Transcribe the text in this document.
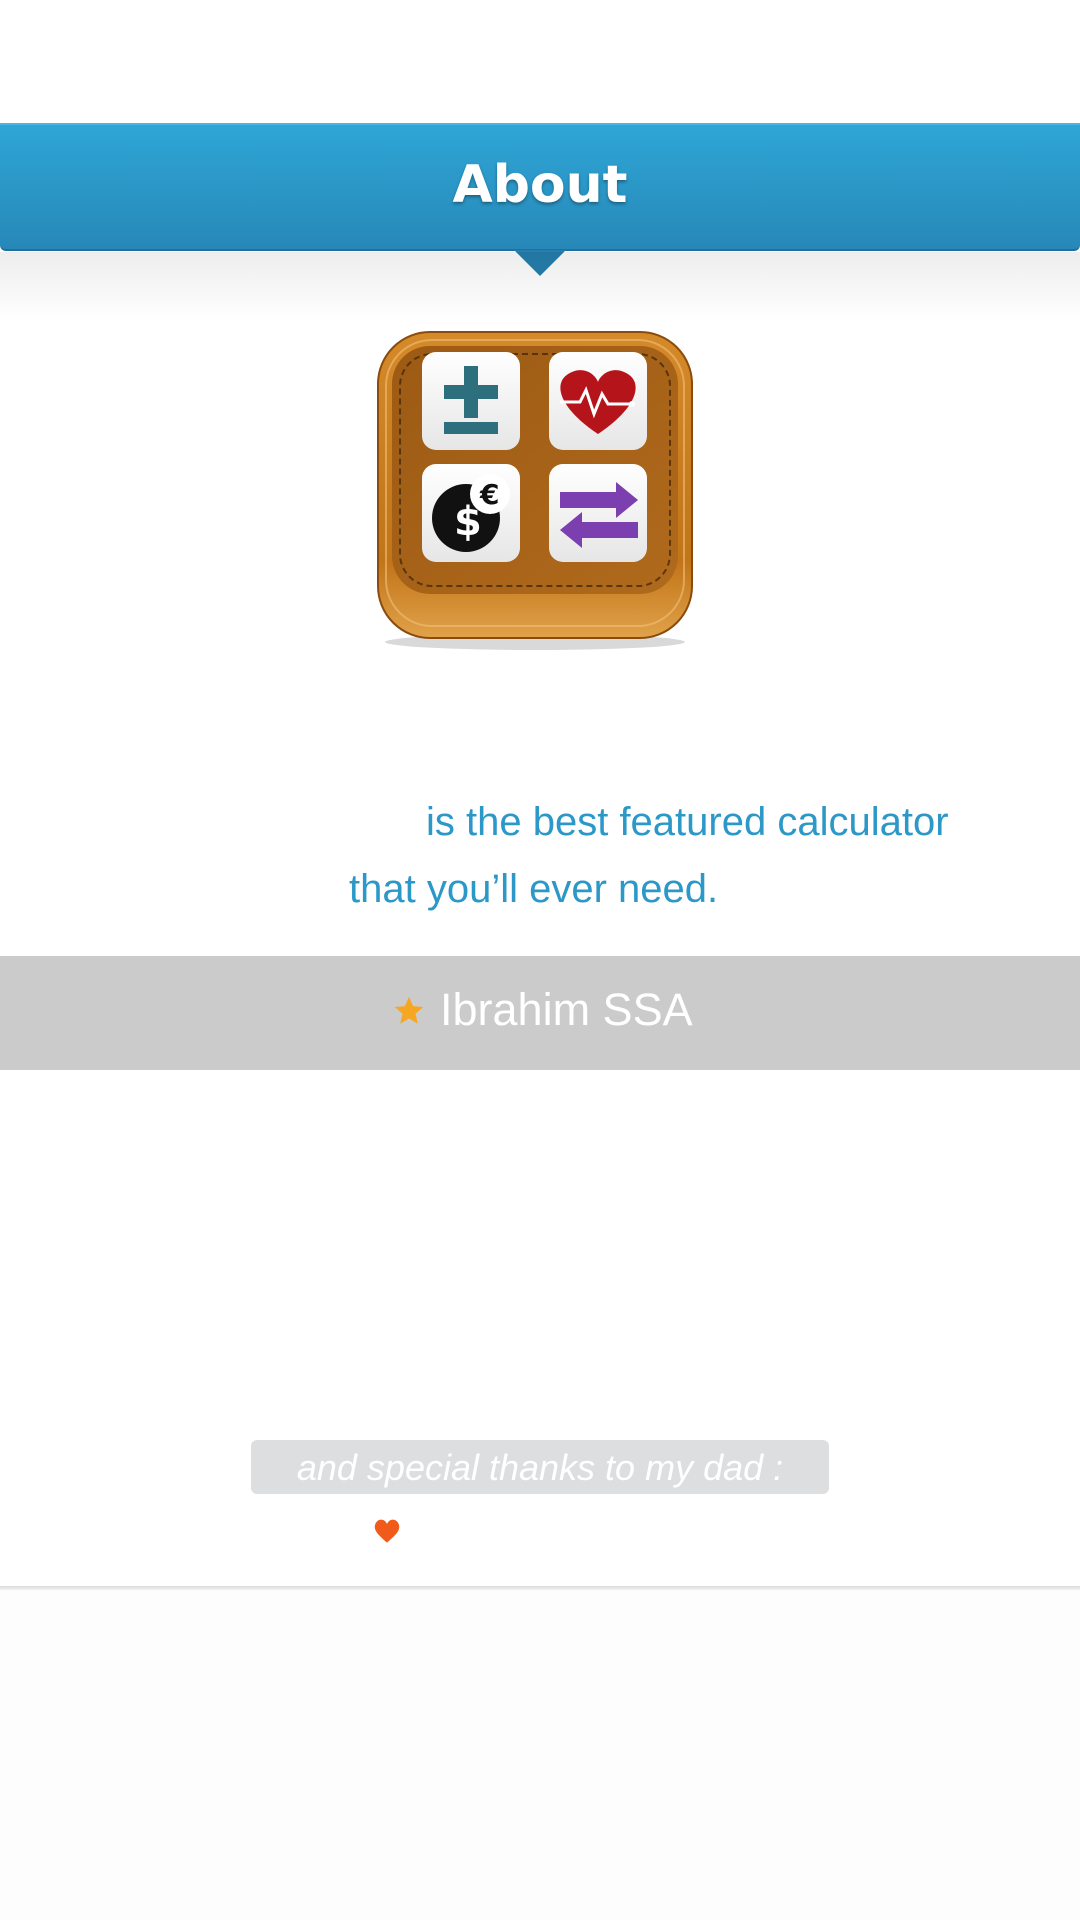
About
$
€
is the best featured calculator
that you’ll ever need.
Ibrahim SSA
and special thanks to my dad :
